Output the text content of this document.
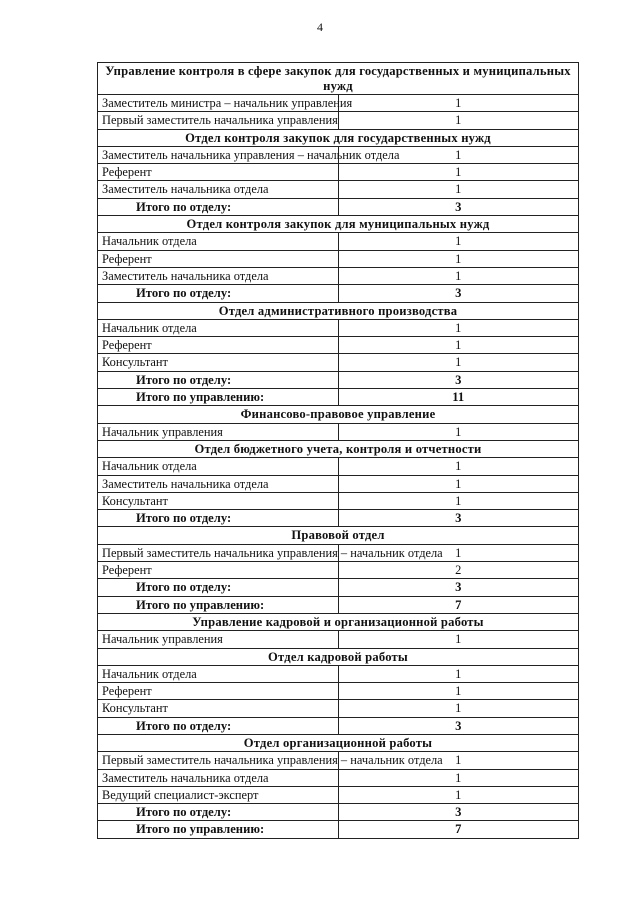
4
Управление контроля в сфере закупок для государственных и муниципальных нужд	
Заместитель министра – начальник управления	1
Первый заместитель начальника управления	1
Отдел контроля закупок для государственных нужд	
Заместитель начальника управления – начальник отдела	1
Референт	1
Заместитель начальника отдела	1
Итого по отделу:	3
Отдел контроля закупок для муниципальных нужд	
Начальник отдела	1
Референт	1
Заместитель начальника отдела	1
Итого по отделу:	3
Отдел административного производства	
Начальник отдела	1
Референт	1
Консультант	1
Итого по отделу:	3
Итого по управлению:	11
Финансово-правовое управление	
Начальник управления	1
Отдел бюджетного учета, контроля и отчетности	
Начальник отдела	1
Заместитель начальника отдела	1
Консультант	1
Итого по отделу:	3
Правовой отдел	
Первый заместитель начальника управления – начальник отдела	1
Референт	2
Итого по отделу:	3
Итого по управлению:	7
Управление кадровой и организационной работы	
Начальник управления	1
Отдел кадровой работы	
Начальник отдела	1
Референт	1
Консультант	1
Итого по отделу:	3
Отдел организационной работы	
Первый заместитель начальника управления – начальник отдела	1
Заместитель начальника отдела	1
Ведущий специалист-эксперт	1
Итого по отделу:	3
Итого по управлению:	7
